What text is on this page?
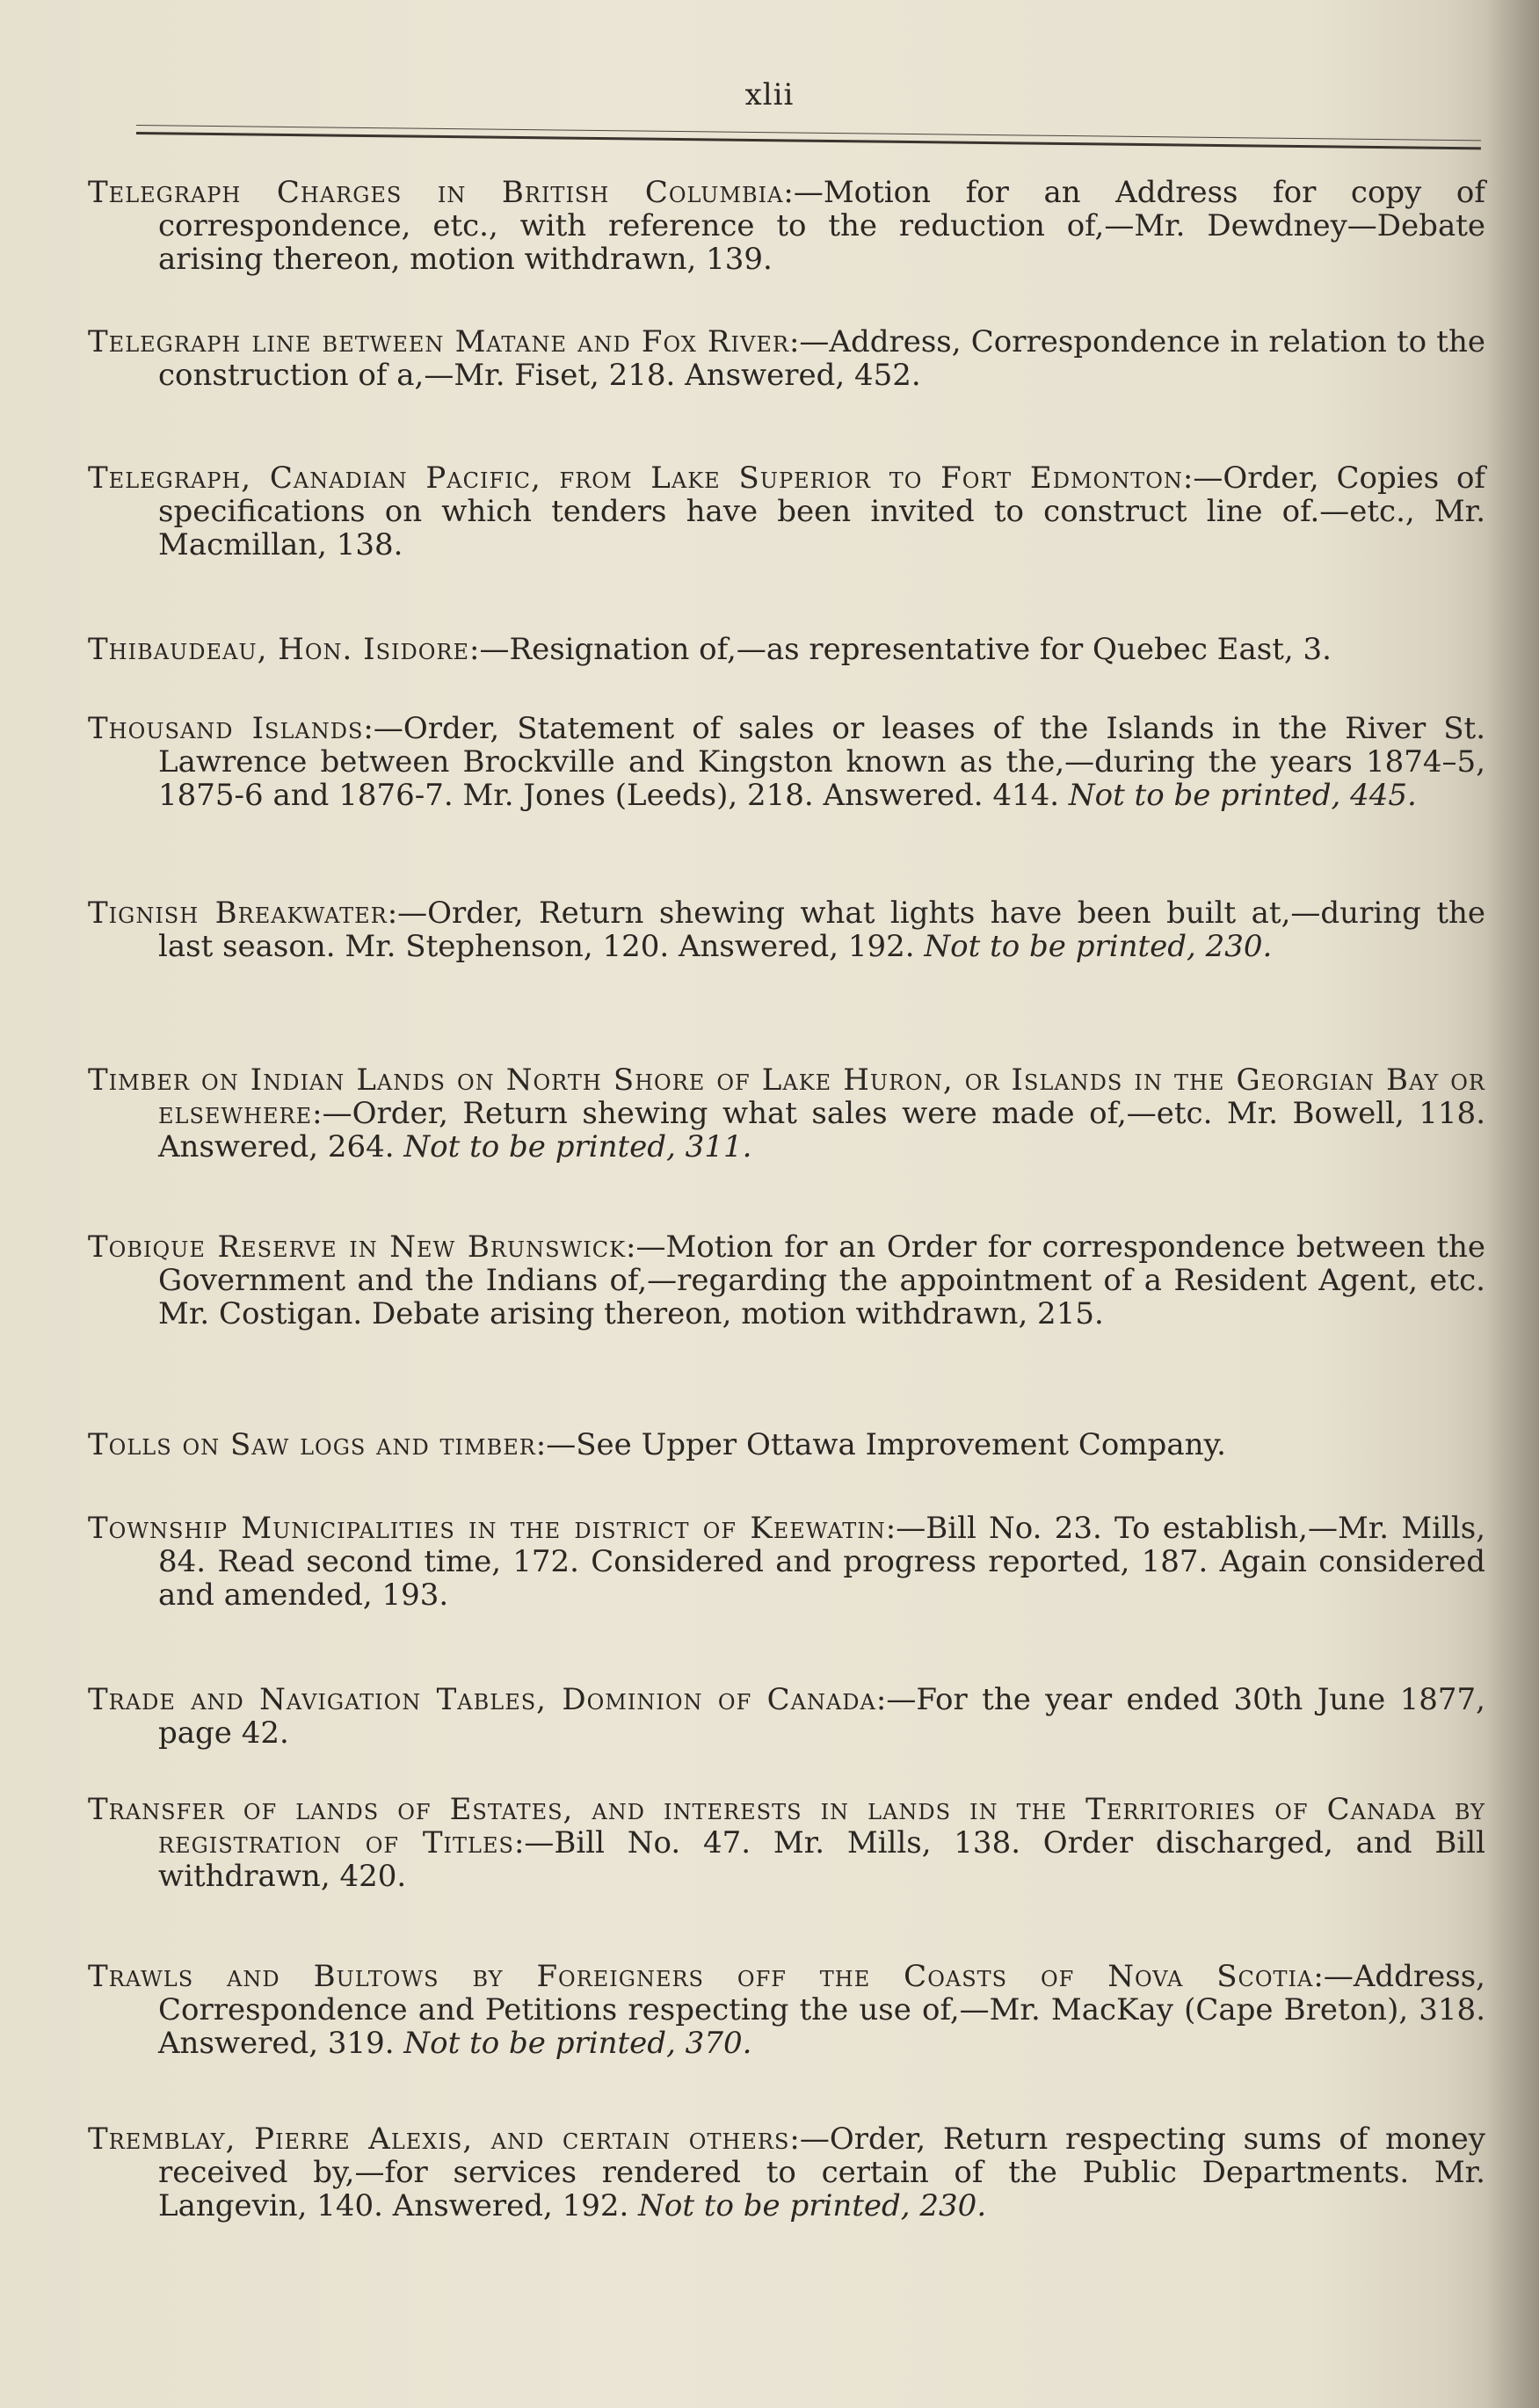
xlii
Telegraph Charges in British Columbia:—Motion for an Address for copy of correspondence, etc., with reference to the reduction of,—Mr. Dewdney—Debate arising thereon, motion withdrawn, 139.
Telegraph line between Matane and Fox River:—Address, Correspondence in relation to the construction of a,—Mr. Fiset, 218. Answered, 452.
Telegraph, Canadian Pacific, from Lake Superior to Fort Edmonton:—Order, Copies of specifications on which tenders have been invited to construct line of.—etc., Mr. Macmillan, 138.
Thibaudeau, Hon. Isidore:—Resignation of,—as representative for Quebec East, 3.
Thousand Islands:—Order, Statement of sales or leases of the Islands in the River St. Lawrence between Brockville and Kingston known as the,—during the years 1874–5, 1875-6 and 1876-7. Mr. Jones (Leeds), 218. Answered. 414. Not to be printed, 445.
Tignish Breakwater:—Order, Return shewing what lights have been built at,—during the last season. Mr. Stephenson, 120. Answered, 192. Not to be printed, 230.
Timber on Indian Lands on North Shore of Lake Huron, or Islands in the Georgian Bay or elsewhere:—Order, Return shewing what sales were made of,—etc. Mr. Bowell, 118. Answered, 264. Not to be printed, 311.
Tobique Reserve in New Brunswick:—Motion for an Order for correspondence between the Government and the Indians of,—regarding the appointment of a Resident Agent, etc. Mr. Costigan. Debate arising thereon, motion withdrawn, 215.
Tolls on Saw logs and timber:—See Upper Ottawa Improvement Company.
Township Municipalities in the district of Keewatin:—Bill No. 23. To establish,—Mr. Mills, 84. Read second time, 172. Considered and progress reported, 187. Again considered and amended, 193.
Trade and Navigation Tables, Dominion of Canada:—For the year ended 30th June 1877, page 42.
Transfer of lands of Estates, and interests in lands in the Territories of Canada by registration of Titles:—Bill No. 47. Mr. Mills, 138. Order discharged, and Bill withdrawn, 420.
Trawls and Bultows by Foreigners off the Coasts of Nova Scotia:—Address, Correspondence and Petitions respecting the use of,—Mr. MacKay (Cape Breton), 318. Answered, 319. Not to be printed, 370.
Tremblay, Pierre Alexis, and certain others:—Order, Return respecting sums of money received by,—for services rendered to certain of the Public Departments. Mr. Langevin, 140. Answered, 192. Not to be printed, 230.
